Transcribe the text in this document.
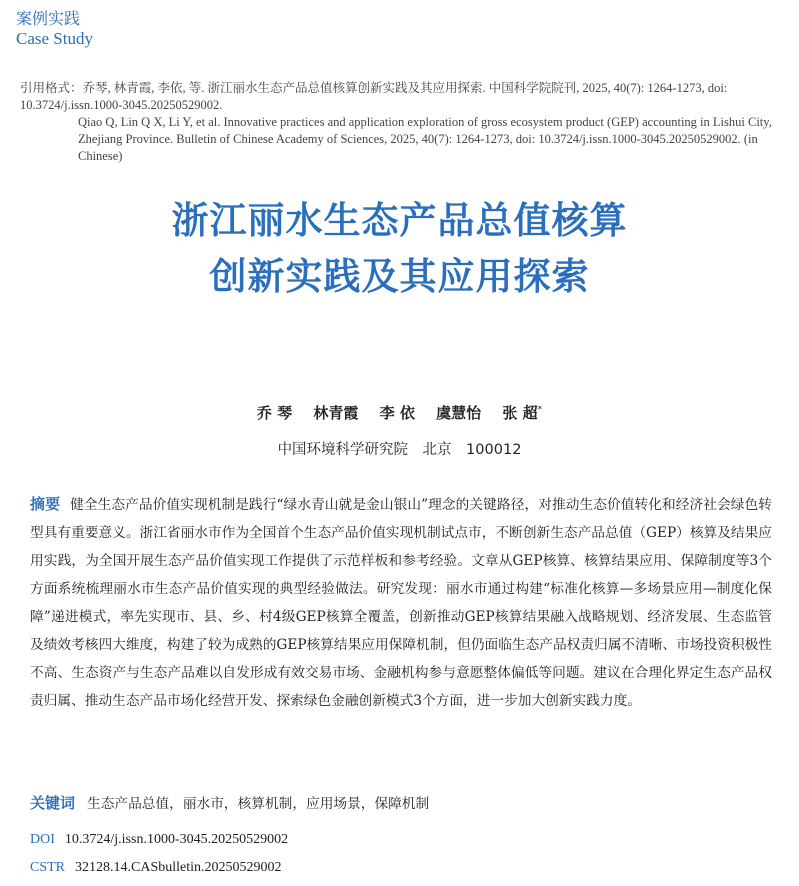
案例实践
Case Study
引用格式：乔琴, 林青霞, 李依, 等. 浙江丽水生态产品总值核算创新实践及其应用探索. 中国科学院院刊, 2025, 40(7): 1264-1273, doi: 10.3724/j.issn.1000-3045.20250529002.
Qiao Q, Lin Q X, Li Y, et al. Innovative practices and application exploration of gross ecosystem product (GEP) accounting in Lishui City, Zhejiang Province. Bulletin of Chinese Academy of Sciences, 2025, 40(7): 1264-1273, doi: 10.3724/j.issn.1000-3045.20250529002. (in Chinese)
浙江丽水生态产品总值核算
创新实践及其应用探索
乔 琴 林青霞 李 依 虞慧怡 张 超*
中国环境科学研究院　北京　100012
摘要 健全生态产品价值实现机制是践行“绿水青山就是金山银山”理念的关键路径，对推动生态价值转化和经济社会绿色转型具有重要意义。浙江省丽水市作为全国首个生态产品价值实现机制试点市，不断创新生态产品总值（GEP）核算及结果应用实践，为全国开展生态产品价值实现工作提供了示范样板和参考经验。文章从GEP核算、核算结果应用、保障制度等3个方面系统梳理丽水市生态产品价值实现的典型经验做法。研究发现：丽水市通过构建“标准化核算—多场景应用—制度化保障”递进模式，率先实现市、县、乡、村4级GEP核算全覆盖，创新推动GEP核算结果融入战略规划、经济发展、生态监管及绩效考核四大维度，构建了较为成熟的GEP核算结果应用保障机制，但仍面临生态产品权责归属不清晰、市场投资积极性不高、生态资产与生态产品难以自发形成有效交易市场、金融机构参与意愿整体偏低等问题。建议在合理化界定生态产品权责归属、推动生态产品市场化经营开发、探索绿色金融创新模式3个方面，进一步加大创新实践力度。
关键词 生态产品总值，丽水市，核算机制，应用场景，保障机制
DOI 10.3724/j.issn.1000-3045.20250529002
CSTR 32128.14.CASbulletin.20250529002
